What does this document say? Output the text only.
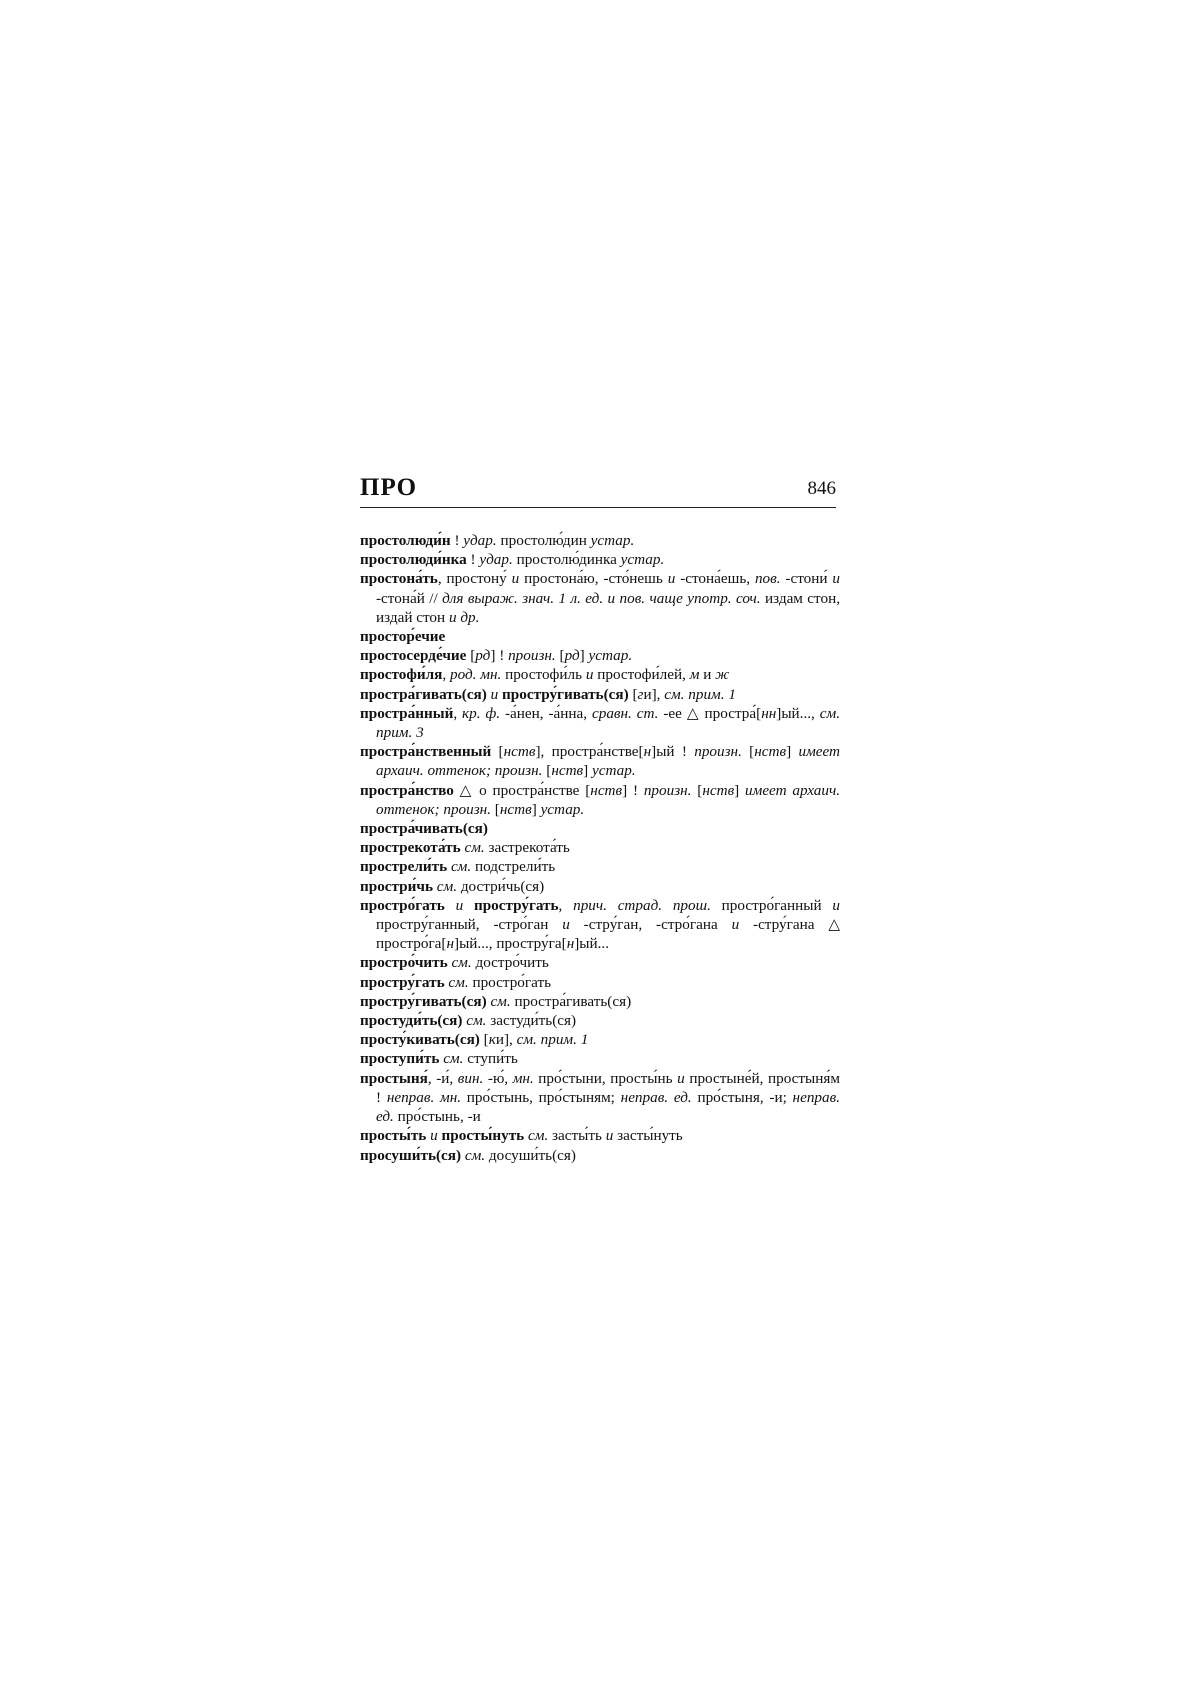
ПРО	846
простолюди́н ! удар. простолю́дин устар.
простолюди́нка ! удар. простолю́динка устар.
простона́ть, простону́ и простона́ю, -сто́нешь и -стона́ешь, пов. -стони́ и -стона́й // для выраж. знач. 1 л. ед. и пов. чаще употр. соч. издам стон, издай стон и др.
простор́ечие
простосерде́чие [рд] ! произн. [рд] устар.
простофи́ля, род. мн. простофи́ль и простофи́лей, м и ж
простра́гивать(ся) и простру́гивать(ся) [ги], см. прим. 1
простра́нный, кр. ф. -а́нен, -а́нна, сравн. ст. -ее △ простра́[нн]ый..., см. прим. 3
простра́нственный [нств], простра́нстве[н]ый ! произн. [нств] имеет архаич. оттенок; произн. [нств] устар.
простра́нство △ о простра́нстве [нств] ! произн. [нств] имеет архаич. оттенок; произн. [нств] устар.
простра́чивать(ся)
прострекота́ть см. застрекота́ть
прострели́ть см. подстрели́ть
простри́чь см. достри́чь(ся)
простро́гать и простру́гать, прич. страд. прош. простро́ганный и простру́ганный, -стро́ган и -стру́ган, -стро́гана и -стру́гана △ простро́га[н]ый..., простру́га[н]ый...
простро́чить см. достро́чить
простру́гать см. простро́гать
простру́гивать(ся) см. простра́гивать(ся)
простуди́ть(ся) см. застуди́ть(ся)
просту́кивать(ся) [ки], см. прим. 1
проступи́ть см. ступи́ть
простыня́, -и́, вин. -ю́, мн. про́стыни, просты́нь и простыне́й, простыня́м ! неправ. мн. про́стынь, про́стыням; неправ. ед. про́стыня, -и; неправ. ед. про́стынь, -и
просты́ть и просты́нуть см. засты́ть и засты́нуть
просуши́ть(ся) см. досуши́ть(ся)
